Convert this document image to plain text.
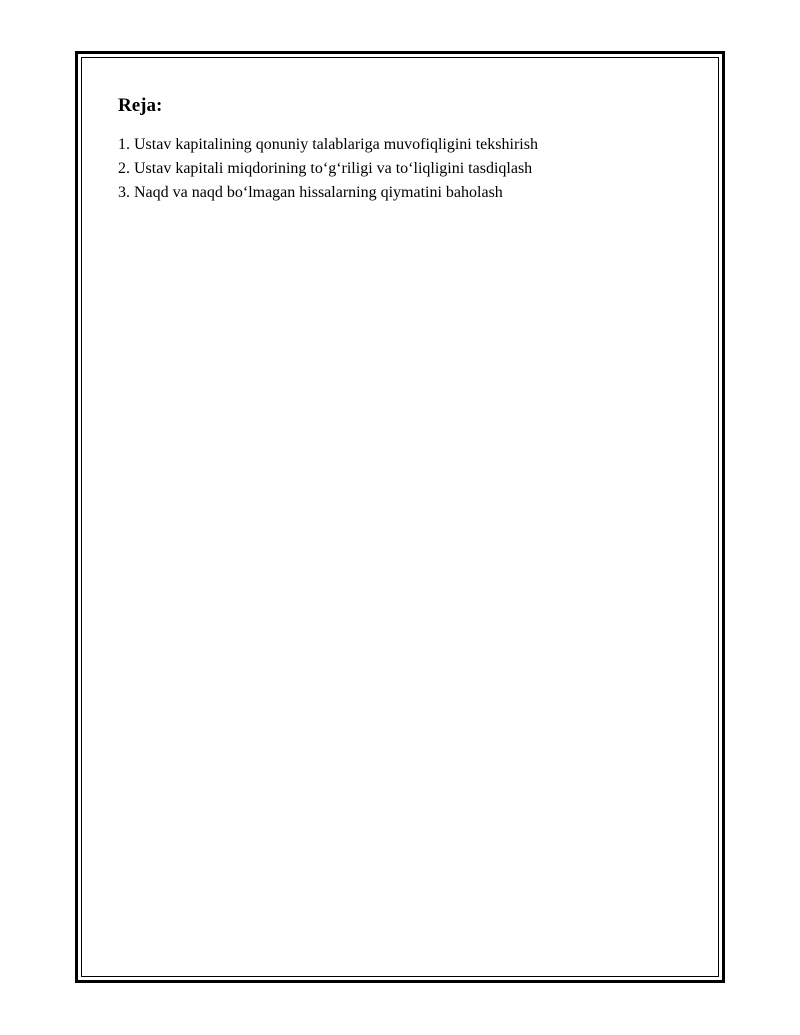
Reja:
1. Ustav kapitalining qonuniy talablariga muvofiqligini tekshirish
2. Ustav kapitali miqdorining to‘g‘riligi va to‘liqligini tasdiqlash
3. Naqd va naqd bo‘lmagan hissalarning qiymatini baholash
